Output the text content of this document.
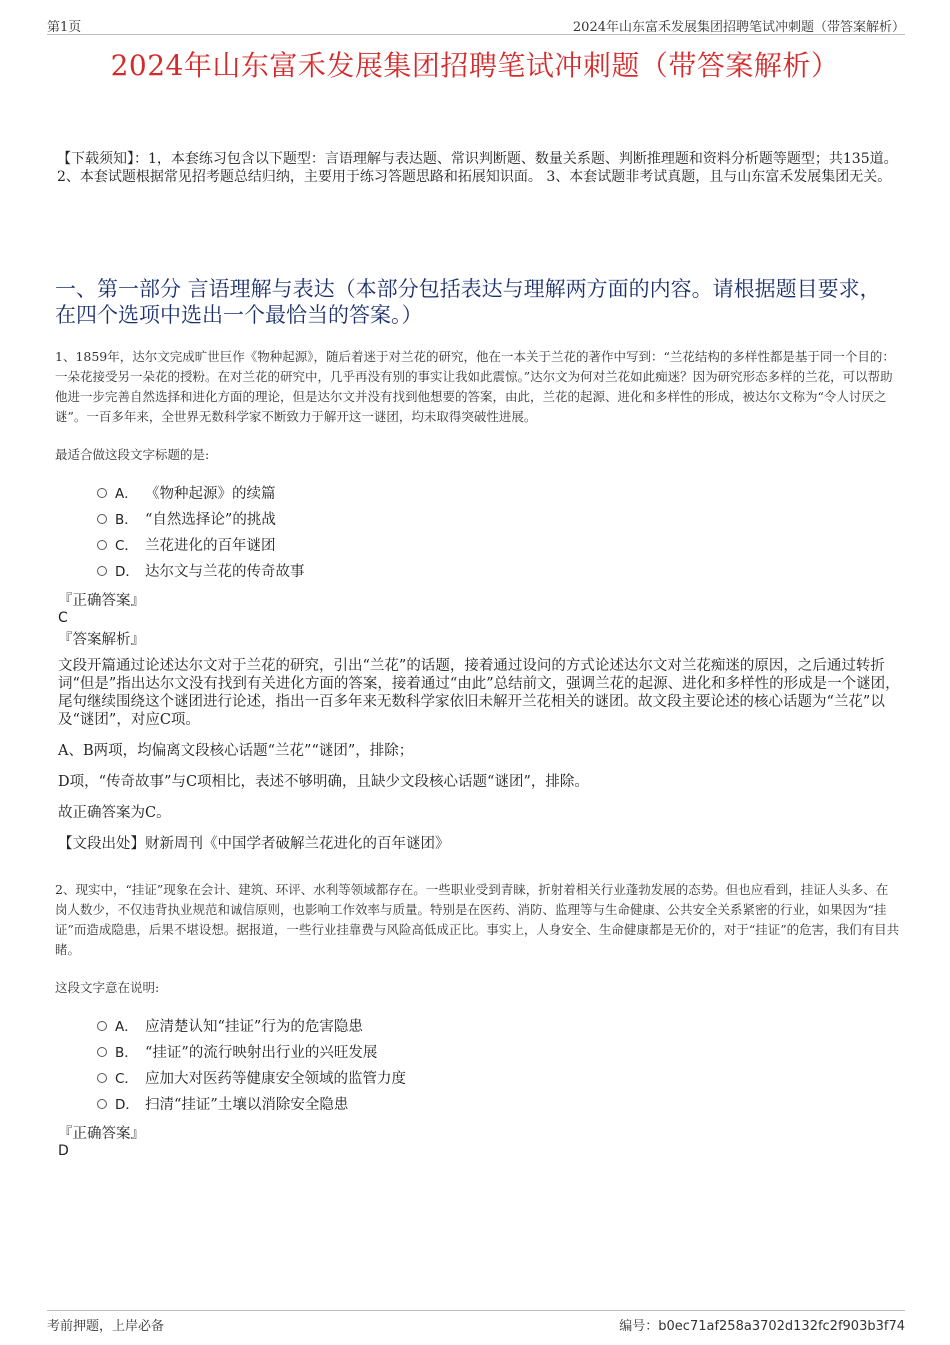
第1页	2024年山东富禾发展集团招聘笔试冲刺题（带答案解析）
2024年山东富禾发展集团招聘笔试冲刺题（带答案解析）
【下载须知】：1，本套练习包含以下题型：言语理解与表达题、常识判断题、数量关系题、判断推理题和资料分析题等题型；共135道。 2、本套试题根据常见招考题总结归纳，主要用于练习答题思路和拓展知识面。 3、本套试题非考试真题，且与山东富禾发展集团无关。
一、第一部分 言语理解与表达（本部分包括表达与理解两方面的内容。请根据题目要求，在四个选项中选出一个最恰当的答案。）

1、1859年，达尔文完成旷世巨作《物种起源》，随后着迷于对兰花的研究，他在一本关于兰花的著作中写到：“兰花结构的多样性都是基于同一个目的：一朵花接受另一朵花的授粉。在对兰花的研究中，几乎再没有别的事实让我如此震惊。”达尔文为何对兰花如此痴迷？因为研究形态多样的兰花，可以帮助他进一步完善自然选择和进化方面的理论，但是达尔文并没有找到他想要的答案，由此，兰花的起源、进化和多样性的形成，被达尔文称为“令人讨厌之谜”。一百多年来，全世界无数科学家不断致力于解开这一谜团，均未取得突破性进展。

最适合做这段文字标题的是:

A． 《物种起源》的续篇
B． “自然选择论”的挑战
C． 兰花进化的百年谜团
D． 达尔文与兰花的传奇故事

『正确答案』

C

『答案解析』

文段开篇通过论述达尔文对于兰花的研究，引出“兰花”的话题，接着通过设问的方式论述达尔文对兰花痴迷的原因，之后通过转折词“但是”指出达尔文没有找到有关进化方面的答案，接着通过“由此”总结前文，强调兰花的起源、进化和多样性的形成是一个谜团，尾句继续围绕这个谜团进行论述，指出一百多年来无数科学家依旧未解开兰花相关的谜团。故文段主要论述的核心话题为“兰花”以及“谜团”，对应C项。

A、B两项，均偏离文段核心话题“兰花”“谜团”，排除；

D项，“传奇故事”与C项相比，表述不够明确，且缺少文段核心话题“谜团”，排除。

故正确答案为C。

【文段出处】财新周刊《中国学者破解兰花进化的百年谜团》

2、现实中，“挂证”现象在会计、建筑、环评、水利等领域都存在。一些职业受到青睐，折射着相关行业蓬勃发展的态势。但也应看到，挂证人头多、在岗人数少，不仅违背执业规范和诚信原则，也影响工作效率与质量。特别是在医药、消防、监理等与生命健康、公共安全关系紧密的行业，如果因为“挂证”而造成隐患，后果不堪设想。据报道，一些行业挂靠费与风险高低成正比。事实上，人身安全、生命健康都是无价的，对于“挂证”的危害，我们有目共睹。

这段文字意在说明:

A． 应清楚认知“挂证”行为的危害隐患
B． “挂证”的流行映射出行业的兴旺发展
C． 应加大对医药等健康安全领域的监管力度
D． 扫清“挂证”土壤以消除安全隐患

『正确答案』

D

考前押题，上岸必备	编号：b0ec71af258a3702d132fc2f903b3f74
